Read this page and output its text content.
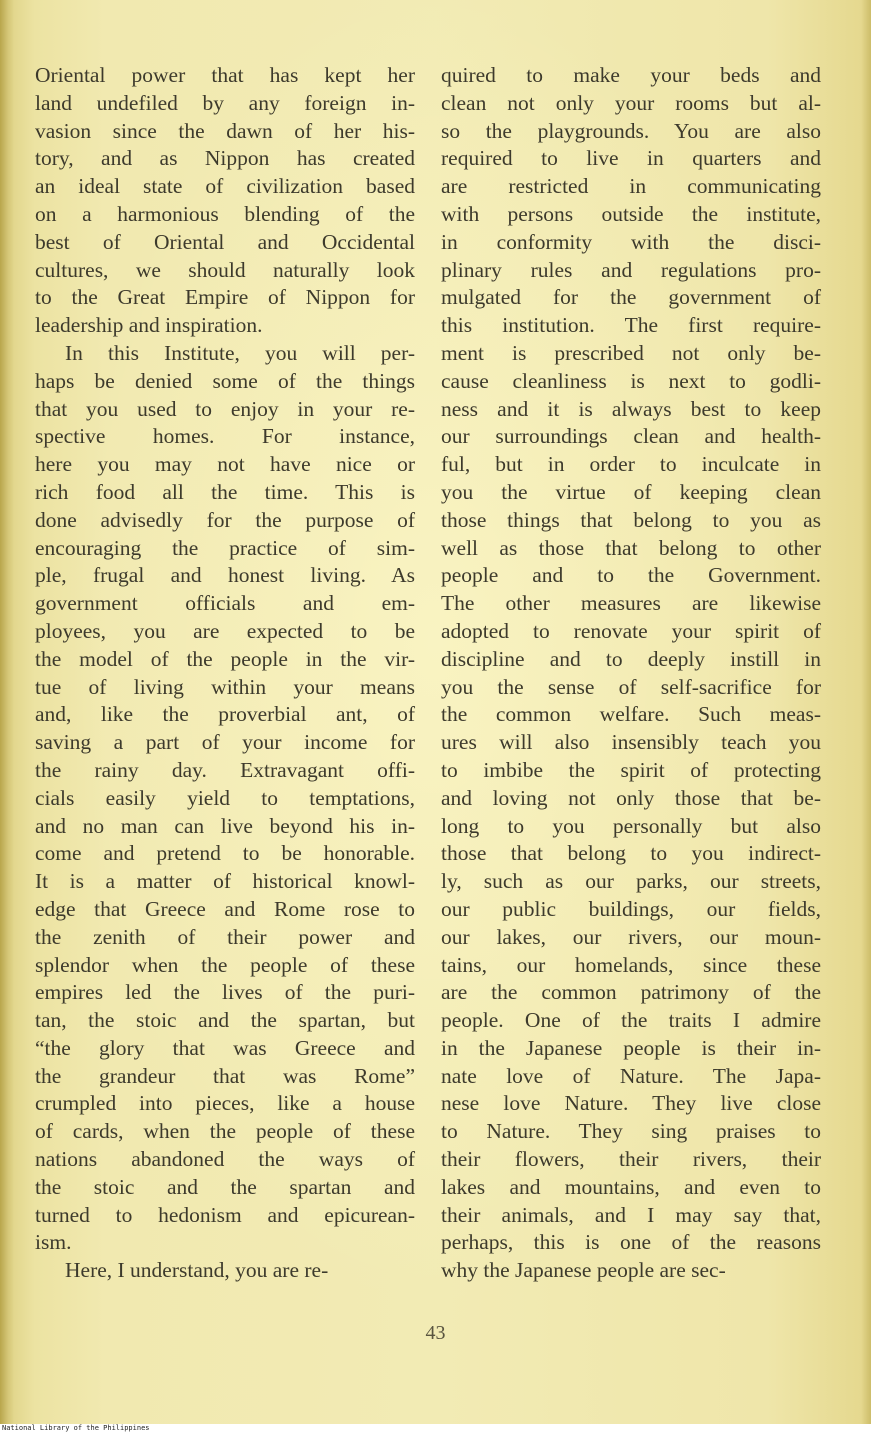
Oriental power that has kept her
land undefiled by any foreign in-
vasion since the dawn of her his-
tory, and as Nippon has created
an ideal state of civilization based
on a harmonious blending of the
best of Oriental and Occidental
cultures, we should naturally look
to the Great Empire of Nippon for
leadership and inspiration.
In this Institute, you will per-
haps be denied some of the things
that you used to enjoy in your re-
spective homes. For instance,
here you may not have nice or
rich food all the time. This is
done advisedly for the purpose of
encouraging the practice of sim-
ple, frugal and honest living. As
government officials and em-
ployees, you are expected to be
the model of the people in the vir-
tue of living within your means
and, like the proverbial ant, of
saving a part of your income for
the rainy day. Extravagant offi-
cials easily yield to temptations,
and no man can live beyond his in-
come and pretend to be honorable.
It is a matter of historical knowl-
edge that Greece and Rome rose to
the zenith of their power and
splendor when the people of these
empires led the lives of the puri-
tan, the stoic and the spartan, but
“the glory that was Greece and
the grandeur that was Rome”
crumpled into pieces, like a house
of cards, when the people of these
nations abandoned the ways of
the stoic and the spartan and
turned to hedonism and epicurean-
ism.
Here, I understand, you are re-
quired to make your beds and
clean not only your rooms but al-
so the playgrounds. You are also
required to live in quarters and
are restricted in communicating
with persons outside the institute,
in conformity with the disci-
plinary rules and regulations pro-
mulgated for the government of
this institution. The first require-
ment is prescribed not only be-
cause cleanliness is next to godli-
ness and it is always best to keep
our surroundings clean and health-
ful, but in order to inculcate in
you the virtue of keeping clean
those things that belong to you as
well as those that belong to other
people and to the Government.
The other measures are likewise
adopted to renovate your spirit of
discipline and to deeply instill in
you the sense of self-sacrifice for
the common welfare. Such meas-
ures will also insensibly teach you
to imbibe the spirit of protecting
and loving not only those that be-
long to you personally but also
those that belong to you indirect-
ly, such as our parks, our streets,
our public buildings, our fields,
our lakes, our rivers, our moun-
tains, our homelands, since these
are the common patrimony of the
people. One of the traits I admire
in the Japanese people is their in-
nate love of Nature. The Japa-
nese love Nature. They live close
to Nature. They sing praises to
their flowers, their rivers, their
lakes and mountains, and even to
their animals, and I may say that,
perhaps, this is one of the reasons
why the Japanese people are sec-
43
National Library of the Philippines
